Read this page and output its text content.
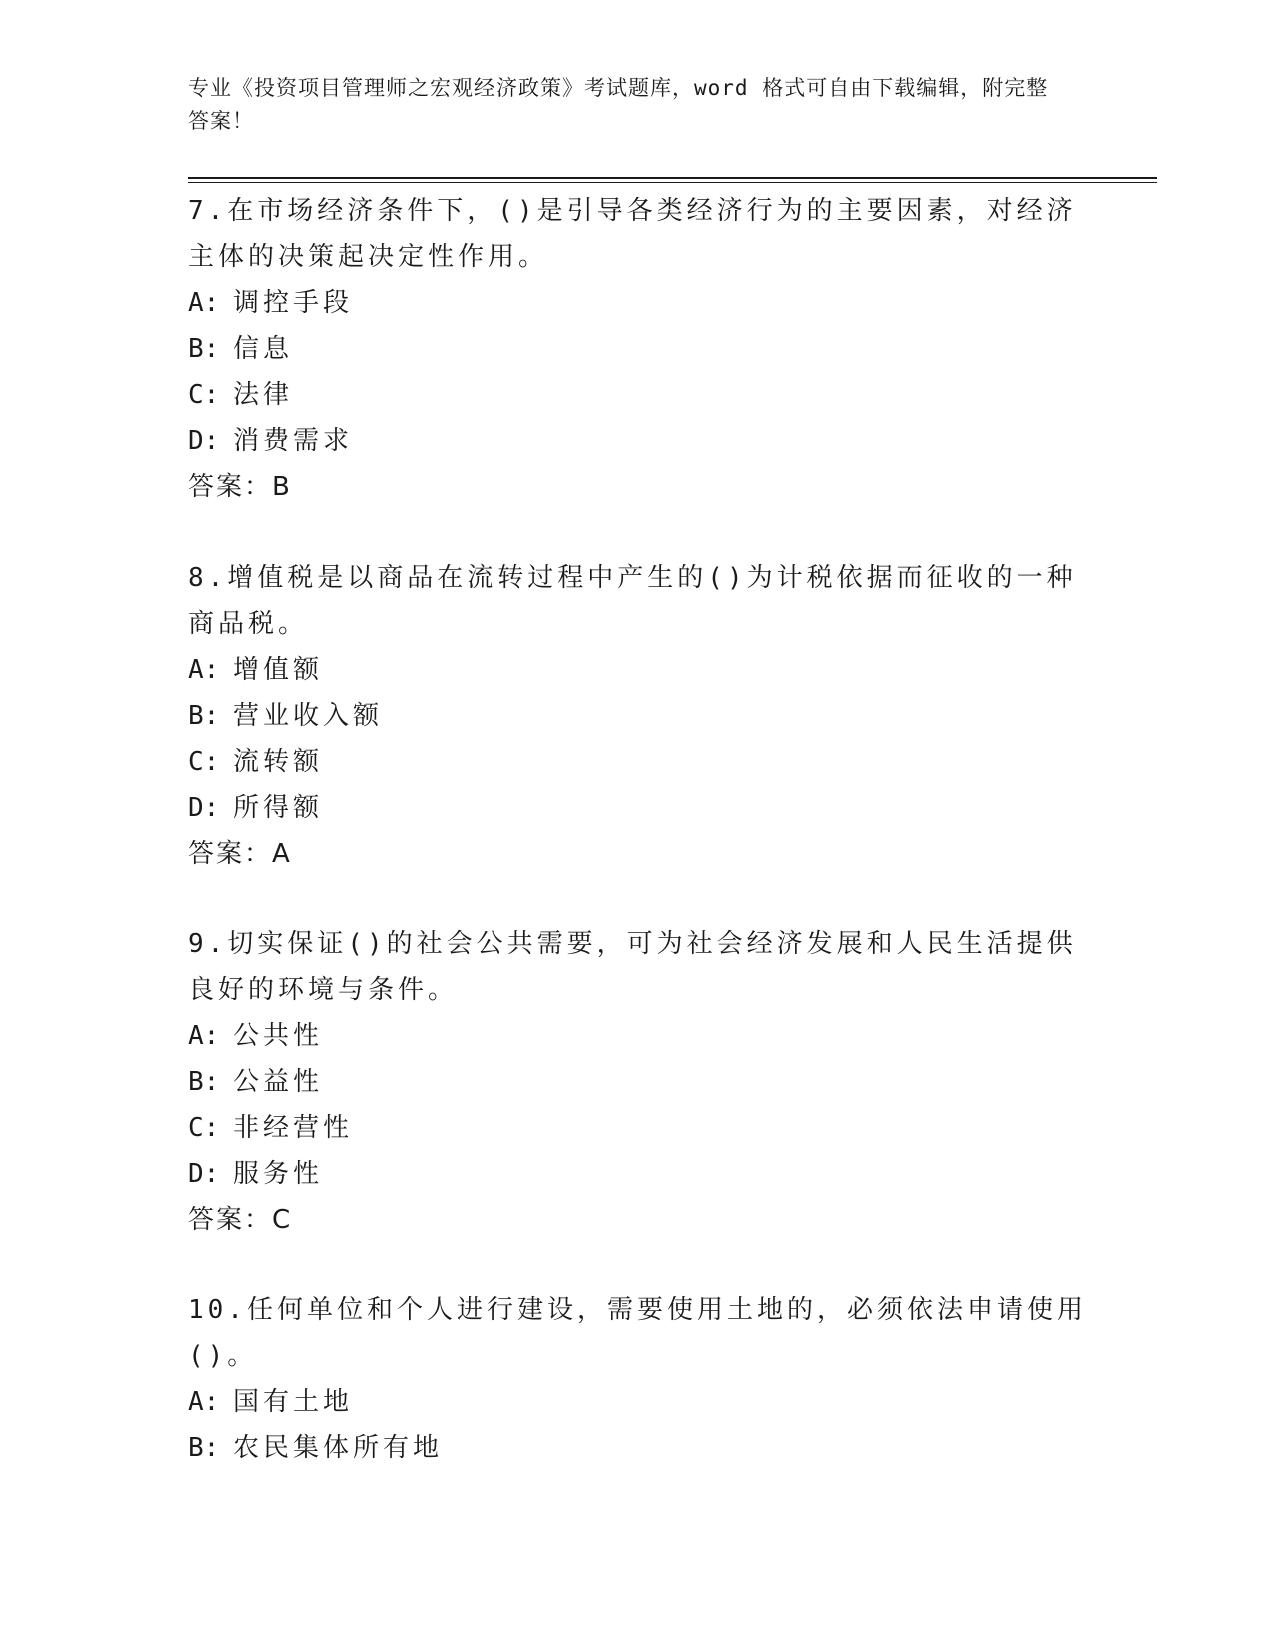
专业《投资项目管理师之宏观经济政策》考试题库，word 格式可自由下载编辑，附完整答案！

7.在市场经济条件下，()是引导各类经济行为的主要因素，对经济主体的决策起决定性作用。

A: 调控手段

B: 信息

C: 法律

D: 消费需求

答案：B

8.增值税是以商品在流转过程中产生的()为计税依据而征收的一种商品税。

A: 增值额

B: 营业收入额

C: 流转额

D: 所得额

答案：A

9.切实保证()的社会公共需要，可为社会经济发展和人民生活提供良好的环境与条件。

A: 公共性

B: 公益性

C: 非经营性

D: 服务性

答案：C

10.任何单位和个人进行建设，需要使用土地的，必须依法申请使用()。

A: 国有土地

B: 农民集体所有地
